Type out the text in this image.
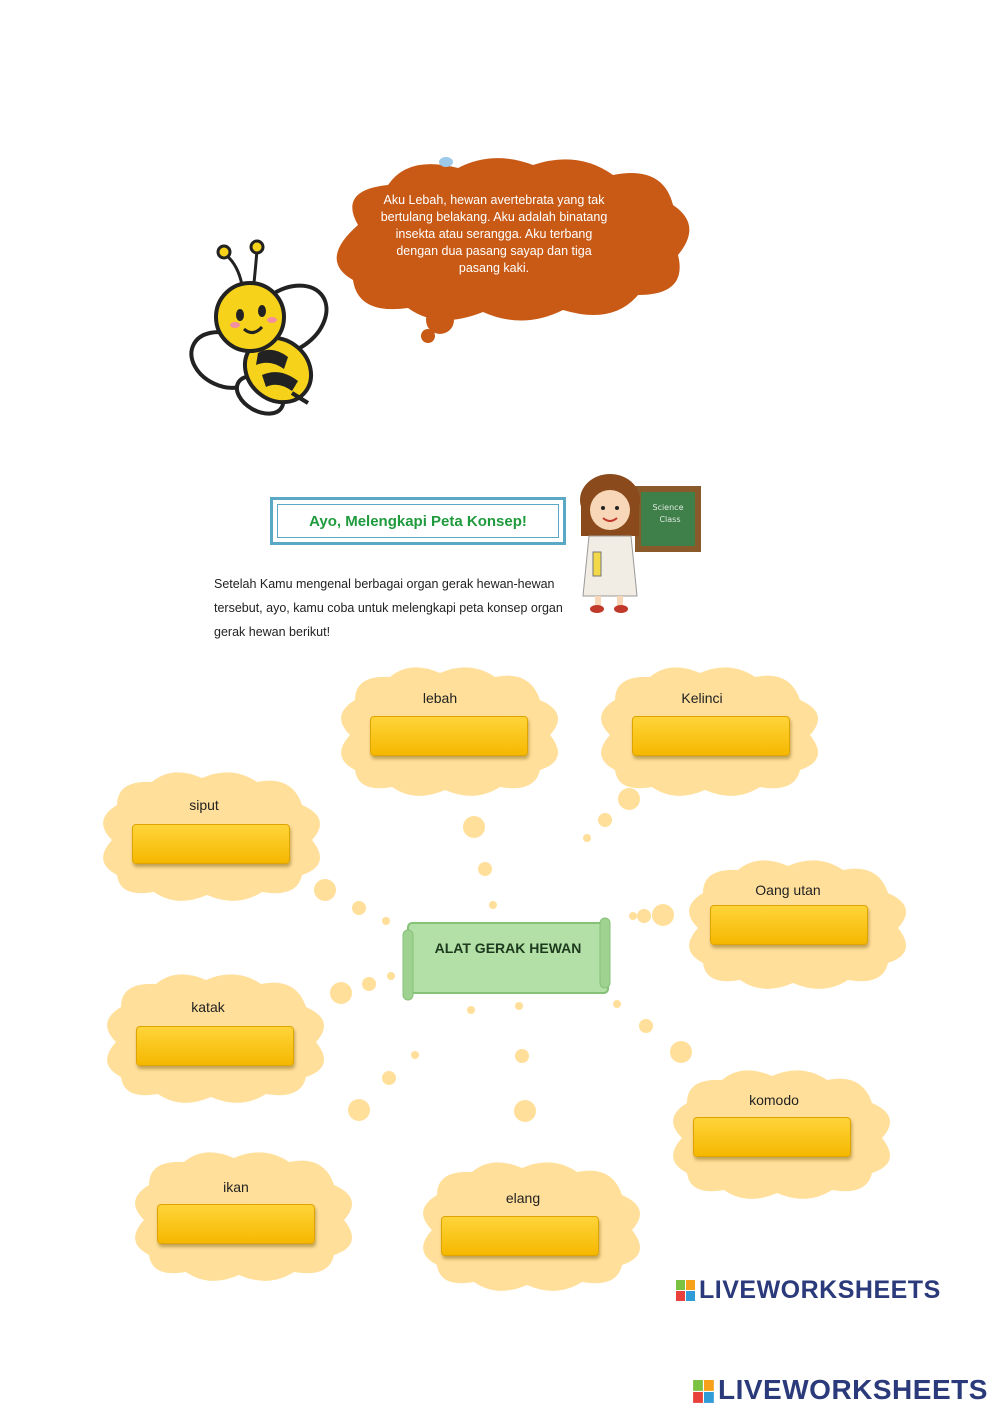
Aku Lebah, hewan avertebrata yang tak bertulang belakang. Aku adalah binatang insekta atau serangga. Aku terbang dengan dua pasang sayap dan tiga pasang kaki.
Ayo, Melengkapi Peta Konsep!
Science
Class
Setelah Kamu mengenal berbagai organ gerak hewan-hewan tersebut, ayo, kamu coba untuk melengkapi peta konsep organ gerak hewan berikut!
ALAT GERAK HEWAN
lebah	Kelinci
siput
Oang utan
katak
komodo
ikan
elang
LIVEWORKSHEETS
LIVEWORKSHEETS
